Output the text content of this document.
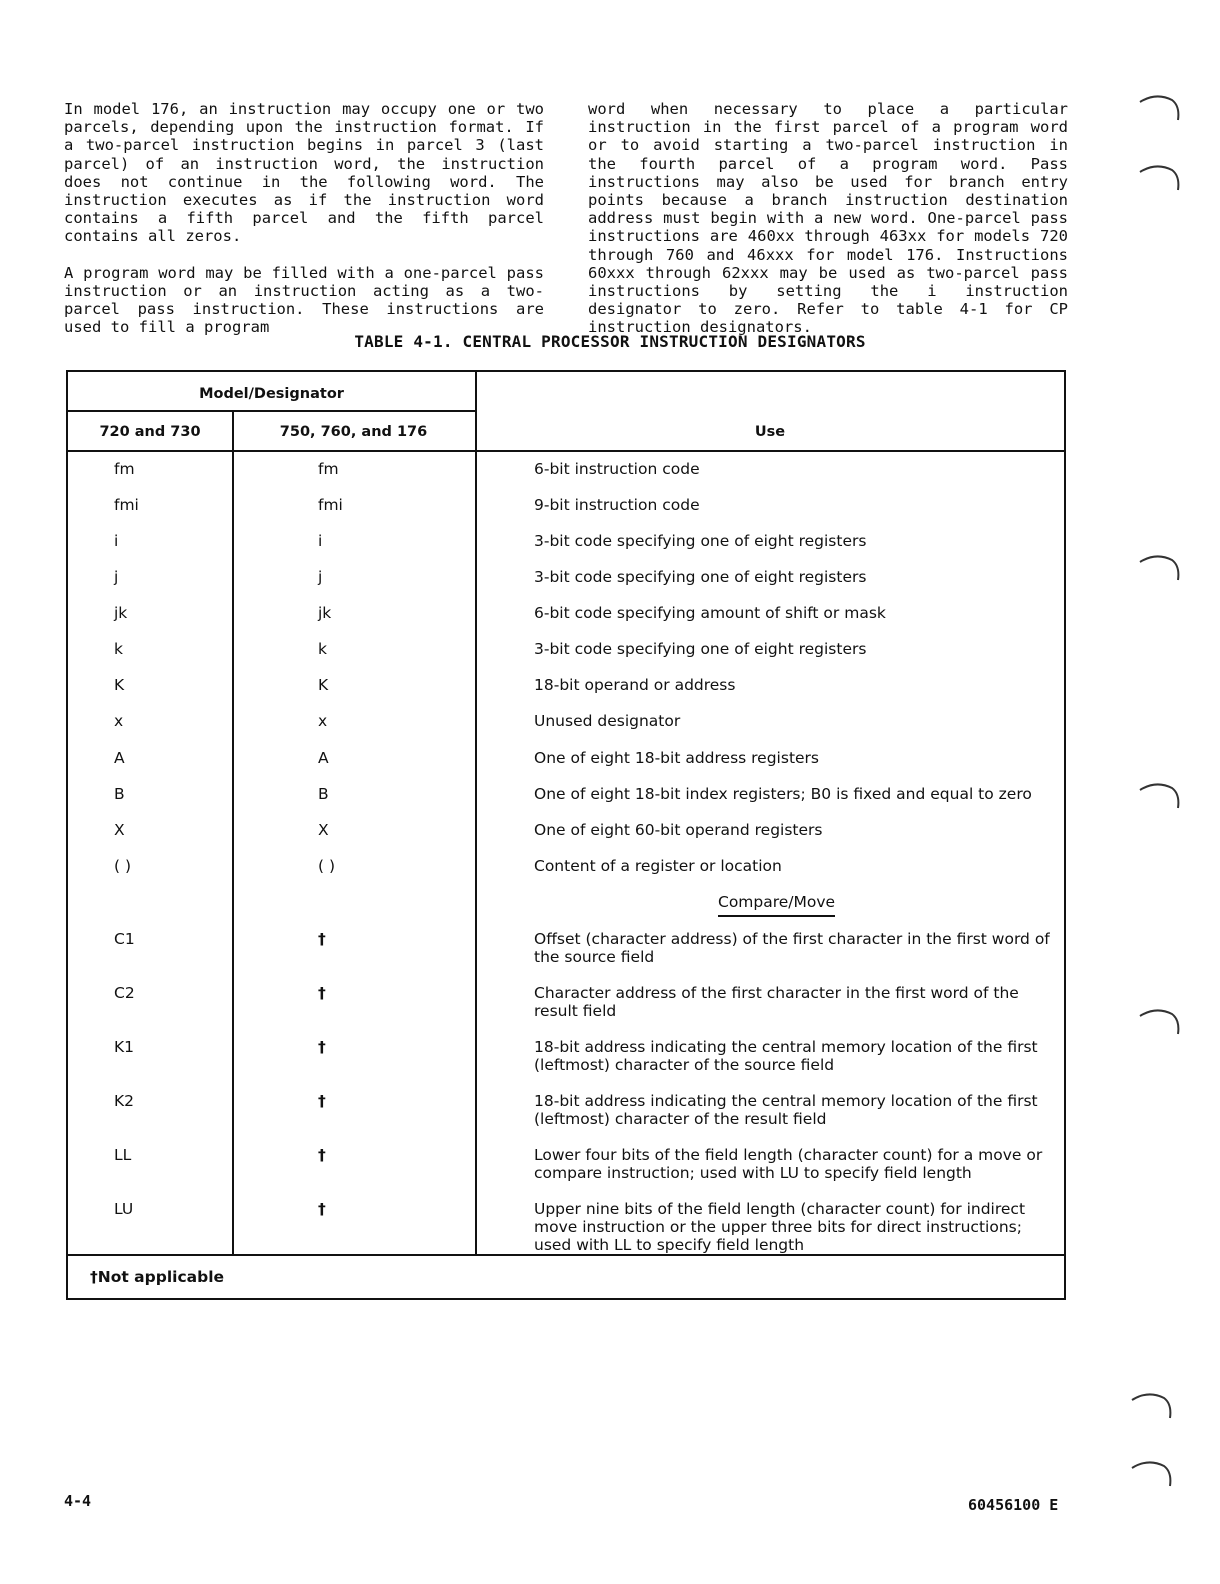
In model 176, an instruction may occupy one or two parcels, depending upon the instruction format. If a two-parcel instruction begins in parcel 3 (last parcel) of an instruction word, the instruction does not continue in the following word. The instruction executes as if the instruction word contains a fifth parcel and the fifth parcel contains all zeros.

A program word may be filled with a one-parcel pass instruction or an instruction acting as a two-parcel pass instruction. These instructions are used to fill a program

word when necessary to place a particular instruction in the first parcel of a program word or to avoid starting a two-parcel instruction in the fourth parcel of a program word. Pass instructions may also be used for branch entry points because a branch instruction destination address must begin with a new word. One-parcel pass instructions are 460xx through 463xx for models 720 through 760 and 46xxx for model 176. Instructions 60xxx through 62xxx may be used as two-parcel pass instructions by setting the i instruction designator to zero. Refer to table 4-1 for CP instruction designators.

TABLE 4-1. CENTRAL PROCESSOR INSTRUCTION DESIGNATORS
Model/Designator
720 and 730	750, 760, and 176	Use
fm	fm	6-bit instruction code
fmi	fmi	9-bit instruction code
i	i	3-bit code specifying one of eight registers
j	j	3-bit code specifying one of eight registers
jk	jk	6-bit code specifying amount of shift or mask
k	k	3-bit code specifying one of eight registers
K	K	18-bit operand or address
x	x	Unused designator
A	A	One of eight 18-bit address registers
B	B	One of eight 18-bit index registers; B0 is fixed and equal to zero
X	X	One of eight 60-bit operand registers
( )	( )	Content of a register or location
Compare/Move
C1	†	Offset (character address) of the first character in the first word of the source field
C2	†	Character address of the first character in the first word of the result field
K1	†	18-bit address indicating the central memory location of the first (leftmost) character of the source field
K2	†	18-bit address indicating the central memory location of the first (leftmost) character of the result field
LL	†	Lower four bits of the field length (character count) for a move or compare instruction; used with LU to specify field length
LU	†	Upper nine bits of the field length (character count) for indirect move instruction or the upper three bits for direct instructions; used with LL to specify field length
†Not applicable
4-4	60456100 E
